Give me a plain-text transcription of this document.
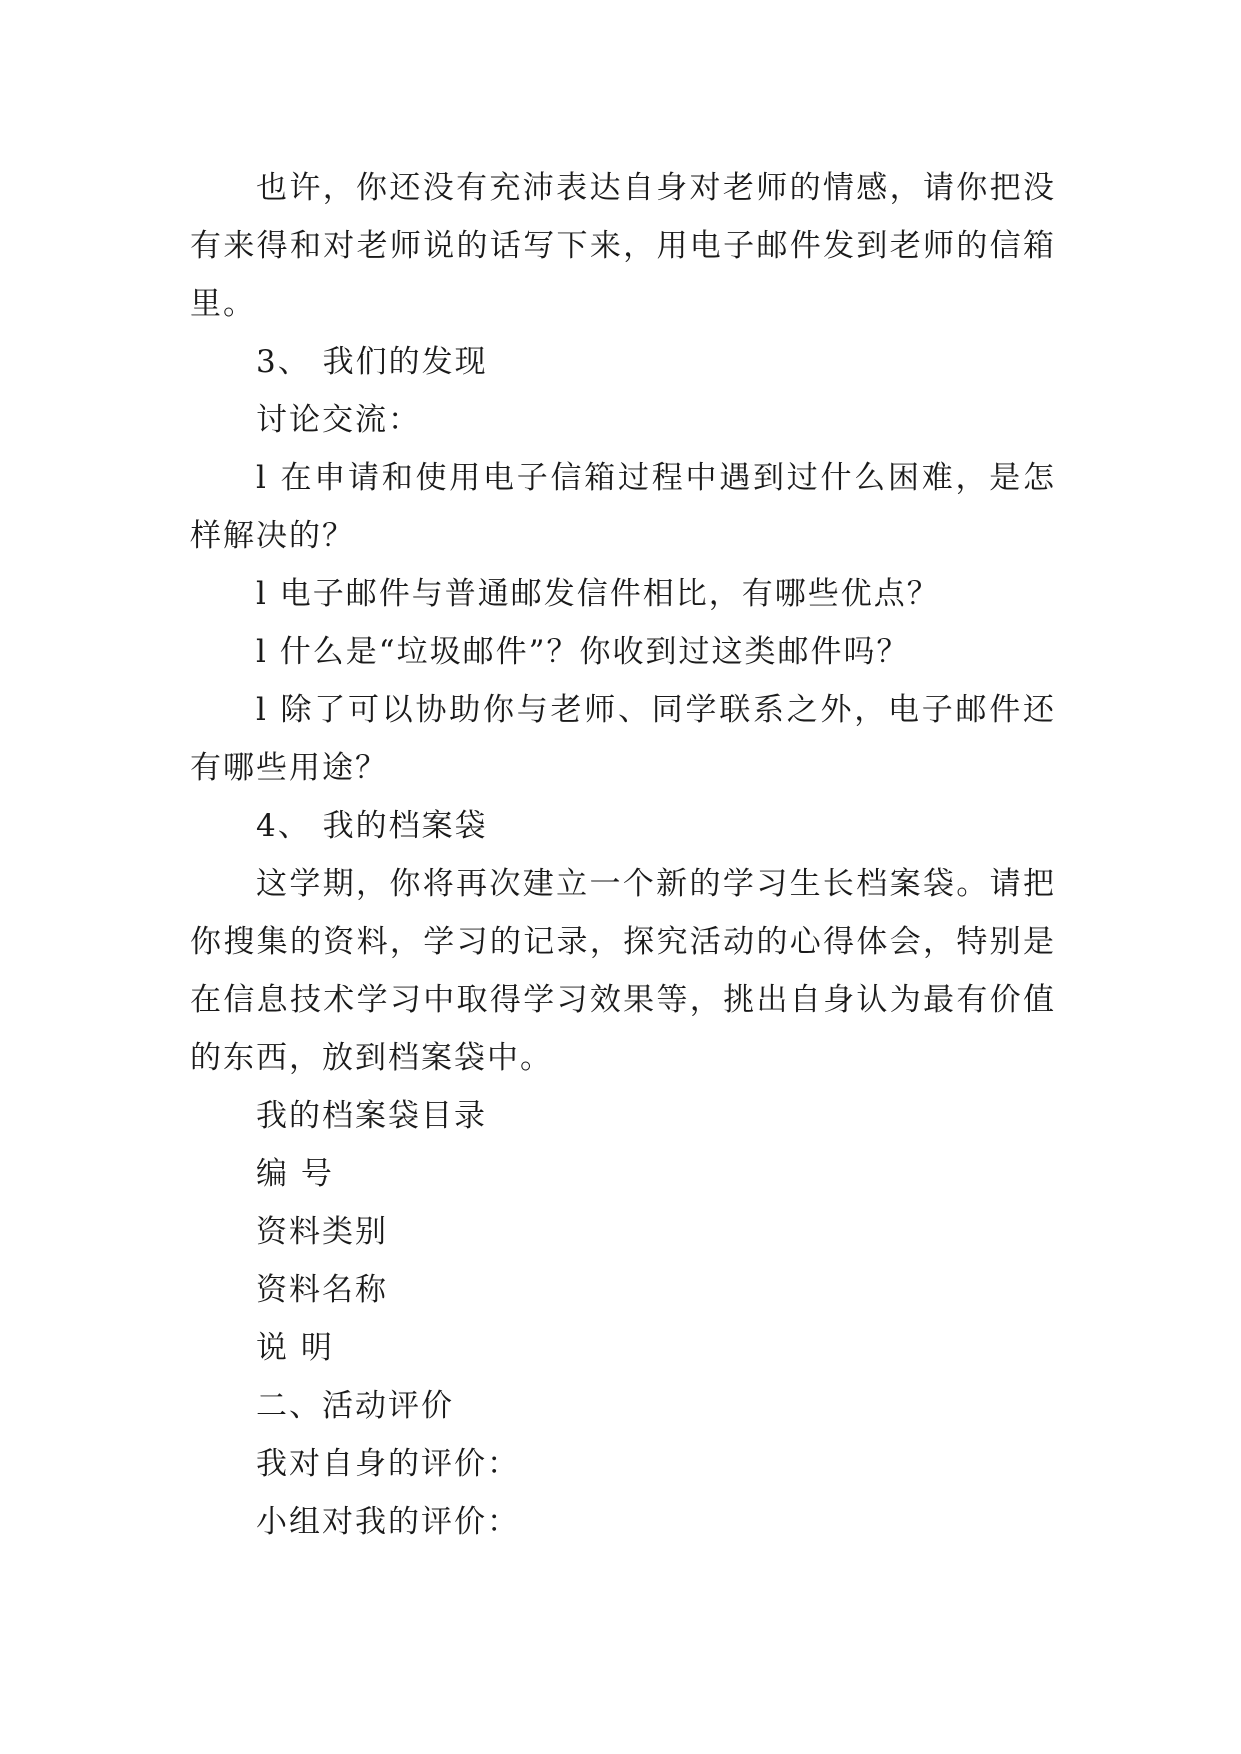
也许，你还没有充沛表达自身对老师的情感，请你把没有来得和对老师说的话写下来，用电子邮件发到老师的信箱里。

3、 我们的发现

讨论交流：

l 在申请和使用电子信箱过程中遇到过什么困难，是怎样解决的？

l 电子邮件与普通邮发信件相比，有哪些优点？

l 什么是“垃圾邮件”？你收到过这类邮件吗？

l 除了可以协助你与老师、同学联系之外，电子邮件还有哪些用途？

4、 我的档案袋

这学期，你将再次建立一个新的学习生长档案袋。请把你搜集的资料，学习的记录，探究活动的心得体会，特别是在信息技术学习中取得学习效果等，挑出自身认为最有价值的东西，放到档案袋中。

我的档案袋目录

编 号

资料类别

资料名称

说 明

二、活动评价

我对自身的评价：

小组对我的评价：
